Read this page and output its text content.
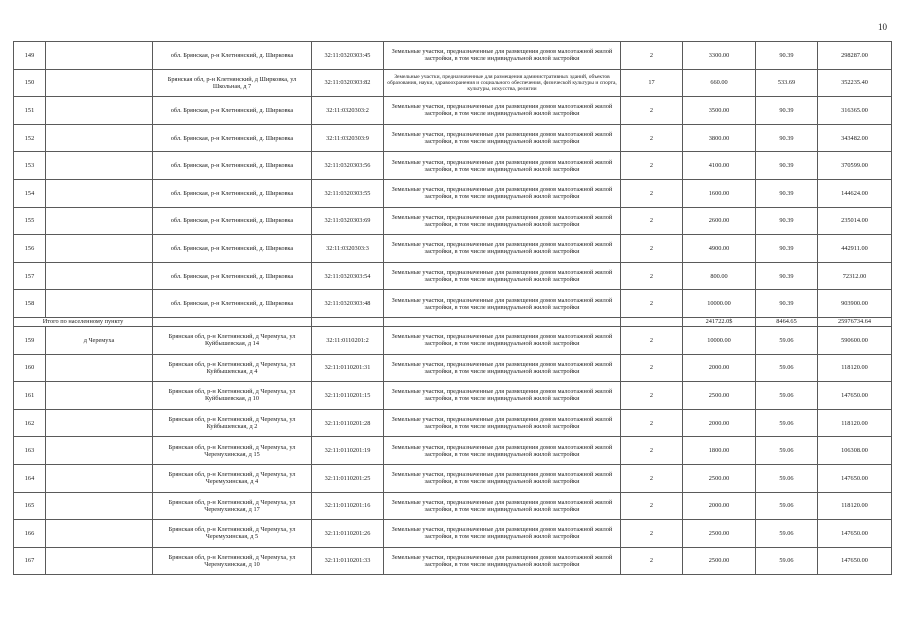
10
149		обл. Брянская, р-н Клетнянский, д. Ширковка	32:11:0320303:45	Земельные участки, предназначенные для размещения домов малоэтажной жилой застройки, в том числе индивидуальной жилой застройки	2	3300.00	90.39	298287.00
150		Брянская обл, р-н Клетнянский, д Ширковка, ул Школьная, д 7	32:11:0320303:82	Земельные участки, предназначенные для размещения административных зданий, объектов образования, науки, здравоохранения и социального обеспечения, физической культуры и спорта, культуры, искусства, религии	17	660.00	533.69	352235.40
151		обл. Брянская, р-н Клетнянский, д. Ширковка	32:11:0320303:2	Земельные участки, предназначенные для размещения домов малоэтажной жилой застройки, в том числе индивидуальной жилой застройки	2	3500.00	90.39	316365.00
152		обл. Брянская, р-н Клетнянский, д. Ширковка	32:11:0320303:9	Земельные участки, предназначенные для размещения домов малоэтажной жилой застройки, в том числе индивидуальной жилой застройки	2	3800.00	90.39	343482.00
153		обл. Брянская, р-н Клетнянский, д. Ширковка	32:11:0320303:56	Земельные участки, предназначенные для размещения домов малоэтажной жилой застройки, в том числе индивидуальной жилой застройки	2	4100.00	90.39	370599.00
154		обл. Брянская, р-н Клетнянский, д. Ширковка	32:11:0320303:55	Земельные участки, предназначенные для размещения домов малоэтажной жилой застройки, в том числе индивидуальной жилой застройки	2	1600.00	90.39	144624.00
155		обл. Брянская, р-н Клетнянский, д. Ширковка	32:11:0320303:69	Земельные участки, предназначенные для размещения домов малоэтажной жилой застройки, в том числе индивидуальной жилой застройки	2	2600.00	90.39	235014.00
156		обл. Брянская, р-н Клетнянский, д. Ширковка	32:11:0320303:3	Земельные участки, предназначенные для размещения домов малоэтажной жилой застройки, в том числе индивидуальной жилой застройки	2	4900.00	90.39	442911.00
157		обл. Брянская, р-н Клетнянский, д. Ширковка	32:11:0320303:54	Земельные участки, предназначенные для размещения домов малоэтажной жилой застройки, в том числе индивидуальной жилой застройки	2	800.00	90.39	72312.00
158		обл. Брянская, р-н Клетнянский, д. Ширковка	32:11:0320303:48	Земельные участки, предназначенные для размещения домов малоэтажной жилой застройки, в том числе индивидуальной жилой застройки	2	10000.00	90.39	903900.00
Итого по населенному пункту						241722.0$	8464.65	25976734.64
159	д Черемуха	Брянская обл, р-н Клетнянский, д Черемуха, ул Куйбышевская, д 14	32:11:0110201:2	Земельные участки, предназначенные для размещения домов малоэтажной жилой застройки, в том числе индивидуальной жилой застройки	2	10000.00	59.06	590600.00
160		Брянская обл, р-н Клетнянский, д Черемуха, ул Куйбышевская, д 4	32:11:0110201:31	Земельные участки, предназначенные для размещения домов малоэтажной жилой застройки, в том числе индивидуальной жилой застройки	2	2000.00	59.06	118120.00
161		Брянская обл, р-н Клетнянский, д Черемуха, ул Куйбышевская, д 10	32:11:0110201:15	Земельные участки, предназначенные для размещения домов малоэтажной жилой застройки, в том числе индивидуальной жилой застройки	2	2500.00	59.06	147650.00
162		Брянская обл, р-н Клетнянский, д Черемуха, ул Куйбышевская, д 2	32:11:0110201:28	Земельные участки, предназначенные для размещения домов малоэтажной жилой застройки, в том числе индивидуальной жилой застройки	2	2000.00	59.06	118120.00
163		Брянская обл, р-н Клетнянский, д Черемуха, ул Черемухинская, д 15	32:11:0110201:19	Земельные участки, предназначенные для размещения домов малоэтажной жилой застройки, в том числе индивидуальной жилой застройки	2	1800.00	59.06	106308.00
164		Брянская обл, р-н Клетнянский, д Черемуха, ул Черемухинская, д 4	32:11:0110201:25	Земельные участки, предназначенные для размещения домов малоэтажной жилой застройки, в том числе индивидуальной жилой застройки	2	2500.00	59.06	147650.00
165		Брянская обл, р-н Клетнянский, д Черемуха, ул Черемухинская, д 17	32:11:0110201:16	Земельные участки, предназначенные для размещения домов малоэтажной жилой застройки, в том числе индивидуальной жилой застройки	2	2000.00	59.06	118120.00
166		Брянская обл, р-н Клетнянский, д Черемуха, ул Черемухинская, д 5	32:11:0110201:26	Земельные участки, предназначенные для размещения домов малоэтажной жилой застройки, в том числе индивидуальной жилой застройки	2	2500.00	59.06	147650.00
167		Брянская обл, р-н Клетнянский, д Черемуха, ул Черемухинская, д 10	32:11:0110201:33	Земельные участки, предназначенные для размещения домов малоэтажной жилой застройки, в том числе индивидуальной жилой застройки	2	2500.00	59.06	147650.00
